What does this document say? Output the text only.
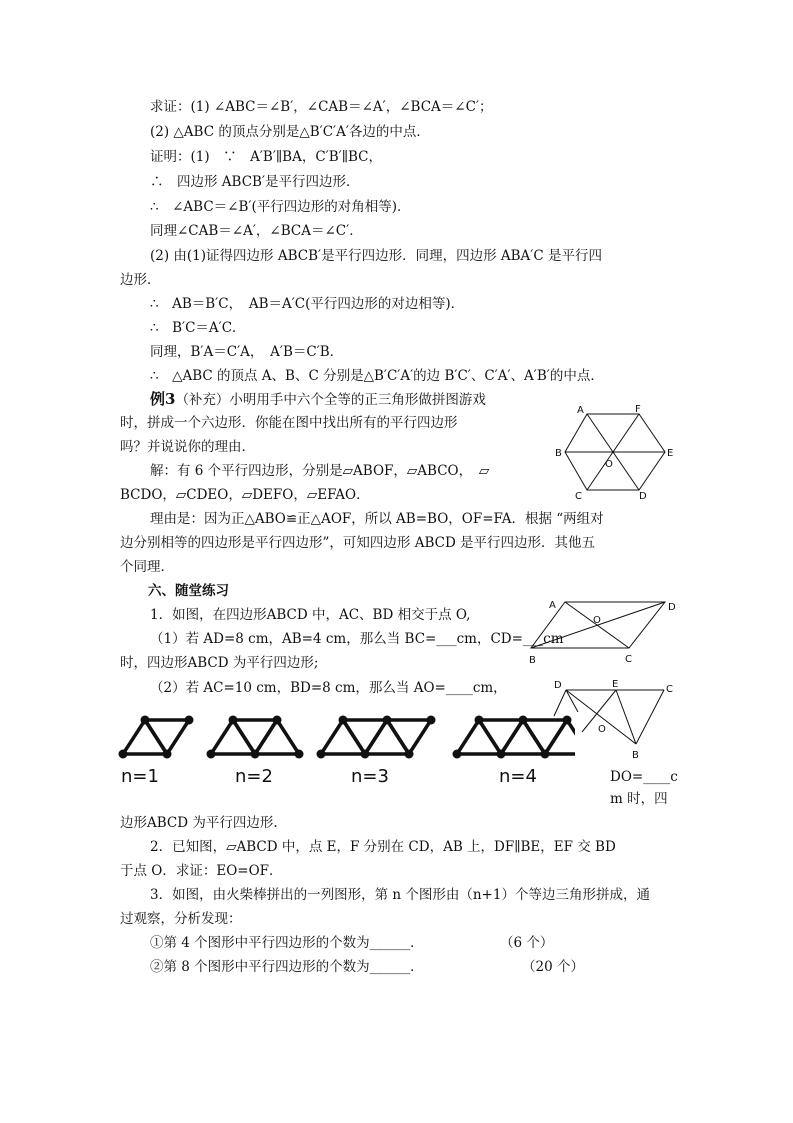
求证：(1) ∠ABC＝∠B′，∠CAB＝∠A′，∠BCA＝∠C′；
(2) △ABC 的顶点分别是△B′C′A′各边的中点．
证明：(1)　∵　A′B′∥BA，C′B′∥BC，
∴　四边形 ABCB′是平行四边形．
∴　∠ABC＝∠B′(平行四边形的对角相等)．
同理∠CAB＝∠A′，∠BCA＝∠C′．
(2) 由(1)证得四边形 ABCB′是平行四边形．同理，四边形 ABA′C 是平行四
边形．
∴　AB＝B′C，　AB＝A′C(平行四边形的对边相等)．
∴　B′C＝A′C．
同理，B′A＝C′A，　A′B＝C′B．
∴　△ABC 的顶点 A、B、C 分别是△B′C′A′的边 B′C′、C′A′、A′B′的中点．
例3（补充）小明用手中六个全等的正三角形做拼图游戏
时，拼成一个六边形．你能在图中找出所有的平行四边形
吗？并说说你的理由．
解：有 6 个平行四边形，分别是▱ABOF，▱ABCO，　▱
BCDO，▱CDEO，▱DEFO，▱EFAO．
理由是：因为正△ABO≌正△AOF，所以 AB=BO，OF=FA．根据 “两组对
边分别相等的四边形是平行四边形”，可知四边形 ABCD 是平行四边形．其他五
个同理．
六、随堂练习
1．如图，在四边形ABCD 中，AC、BD 相交于点 O,
（1）若 AD=8 cm，AB=4 cm，那么当 BC=___cm，CD=___cm
时，四边形ABCD 为平行四边形;
（2）若 AC=10 cm，BD=8 cm，那么当 AO=____cm，
DO=____c
m 时，四
边形ABCD 为平行四边形.
2．已知图，▱ABCD 中，点 E，F 分别在 CD，AB 上，DF∥BE，EF 交 BD
于点 O．求证：EO=OF．
3．如图，由火柴棒拼出的一列图形，第 n 个图形由（n+1）个等边三角形拼成，通
过观察，分析发现：
①第 4 个图形中平行四边形的个数为______．	（6 个）
②第 8 个图形中平行四边形的个数为______．	（20 个）
A	F
B
O
E
C	D
A	D
O
B	C
D	E	C
O
B
n=1	n=2	n=3	n=4
